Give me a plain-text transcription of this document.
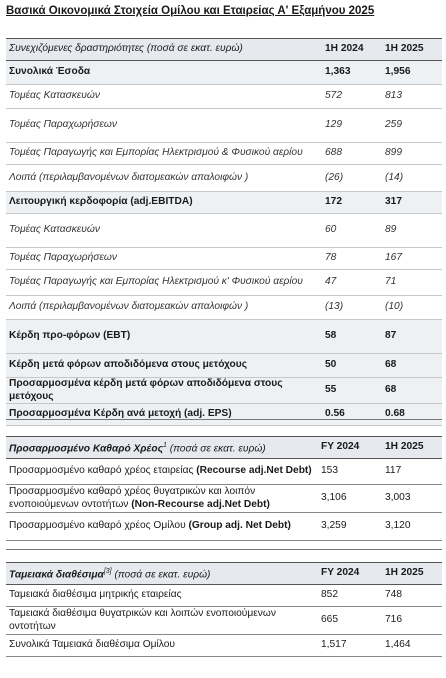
Βασικά Οικονομικά Στοιχεία Ομίλου και Εταιρείας Α' Εξαμήνου 2025
Συνεχιζόμενες δραστηριότητες (ποσά σε εκατ. ευρώ)	1H 2024	1H 2025
Συνολικά Έσοδα	1,363	1,956
Τομέας Κατασκευών	572	813
Τομέας Παραχωρήσεων	129	259
Τομέας Παραγωγής και Εμπορίας Ηλεκτρισμού & Φυσικού αερίου	688	899
Λοιπά (περιλαμβανομένων διατομεακών απαλοιφών )	(26)	(14)
Λειτουργική κερδοφορία (adj.EBITDA)	172	317
Τομέας Κατασκευών	60	89
Τομέας Παραχωρήσεων	78	167
Τομέας Παραγωγής και Εμπορίας Ηλεκτρισμού κ' Φυσικού αερίου	47	71
Λοιπά (περιλαμβανομένων διατομεακών απαλοιφών )	(13)	(10)
Κέρδη προ-φόρων (EBT)	58	87
Κέρδη μετά φόρων αποδιδόμενα στους μετόχους	50	68
Προσαρμοσμένα κέρδη μετά φόρων αποδιδόμενα στους μετόχους	55	68
Προσαρμοσμένα Κέρδη ανά μετοχή (adj. EPS)	0.56	0.68
Προσαρμοσμένο Καθαρό Χρέος$^1$ (ποσά σε εκατ. ευρώ)	FY 2024	1H 2025
Προσαρμοσμένο καθαρό χρέος εταιρείας (Recourse adj.Net Debt)	153	117
Προσαρμοσμένο καθαρό χρέος θυγατρικών και λοιπόν ενοποιούμενων οντοτήτων (Non-Recourse adj.Net Debt)	3,106	3,003
Προσαρμοσμένο καθαρό χρέος Ομίλου (Group adj. Net Debt)	3,259	3,120
Ταμειακά διαθέσιμα[3] (ποσά σε εκατ. ευρώ)	FY 2024	1H 2025
Ταμειακά διαθέσιμα μητρικής εταιρείας	852	748
Ταμειακά διαθέσιμα θυγατρικών και λοιπών ενοποιούμενων οντοτήτων	665	716
Συνολικά Ταμειακά διαθέσιμα Ομίλου	1,517	1,464
